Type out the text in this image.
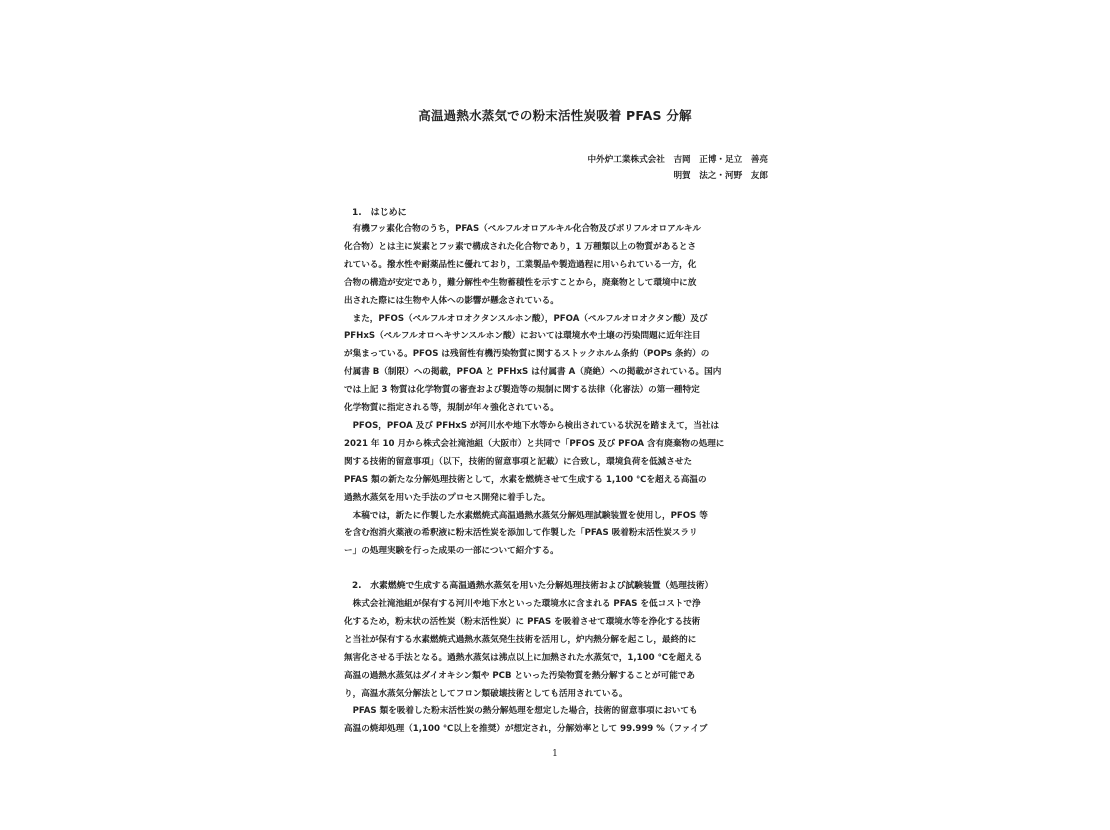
高温過熱水蒸気での粉末活性炭吸着 PFAS 分解
中外炉工業株式会社　吉岡　正博・足立　善亮
明賀　法之・河野　友郎
1.　はじめに
　有機フッ素化合物のうち，PFAS（ペルフルオロアルキル化合物及びポリフルオロアルキル
化合物）とは主に炭素とフッ素で構成された化合物であり，1 万種類以上の物質があるとさ
れている。撥水性や耐薬品性に優れており，工業製品や製造過程に用いられている一方，化
合物の構造が安定であり，難分解性や生物蓄積性を示すことから，廃棄物として環境中に放
出された際には生物や人体への影響が懸念されている。
　また，PFOS（ペルフルオロオクタンスルホン酸），PFOA（ペルフルオロオクタン酸）及び
PFHxS（ペルフルオロヘキサンスルホン酸）においては環境水や土壌の汚染問題に近年注目
が集まっている。PFOS は残留性有機汚染物質に関するストックホルム条約（POPs 条約）の
付属書 B（制限）への掲載，PFOA と PFHxS は付属書 A（廃絶）への掲載がされている。国内
では上記 3 物質は化学物質の審査および製造等の規制に関する法律（化審法）の第一種特定
化学物質に指定される等，規制が年々強化されている。
　PFOS，PFOA 及び PFHxS が河川水や地下水等から検出されている状況を踏まえて，当社は
2021 年 10 月から株式会社滝池組（大阪市）と共同で「PFOS 及び PFOA 含有廃棄物の処理に
関する技術的留意事項」（以下，技術的留意事項と記載）に合致し，環境負荷を低減させた
PFAS 類の新たな分解処理技術として，水素を燃焼させて生成する 1,100 ℃を超える高温の
過熱水蒸気を用いた手法のプロセス開発に着手した。
　本稿では，新たに作製した水素燃焼式高温過熱水蒸気分解処理試験装置を使用し，PFOS 等
を含む泡消火薬液の希釈液に粉末活性炭を添加して作製した「PFAS 吸着粉末活性炭スラリ
ー」の処理実験を行った成果の一部について紹介する。
2.　水素燃焼で生成する高温過熱水蒸気を用いた分解処理技術および試験装置（処理技術）
　株式会社滝池組が保有する河川や地下水といった環境水に含まれる PFAS を低コストで浄
化するため，粉末状の活性炭（粉末活性炭）に PFAS を吸着させて環境水等を浄化する技術
と当社が保有する水素燃焼式過熱水蒸気発生技術を活用し，炉内熱分解を起こし，最終的に
無害化させる手法となる。過熱水蒸気は沸点以上に加熱された水蒸気で，1,100 ℃を超える
高温の過熱水蒸気はダイオキシン類や PCB といった汚染物質を熱分解することが可能であ
り，高温水蒸気分解法としてフロン類破壊技術としても活用されている。
　PFAS 類を吸着した粉末活性炭の熱分解処理を想定した場合，技術的留意事項においても
高温の焼却処理（1,100 ℃以上を推奨）が想定され，分解効率として 99.999 %（ファイブ
1
